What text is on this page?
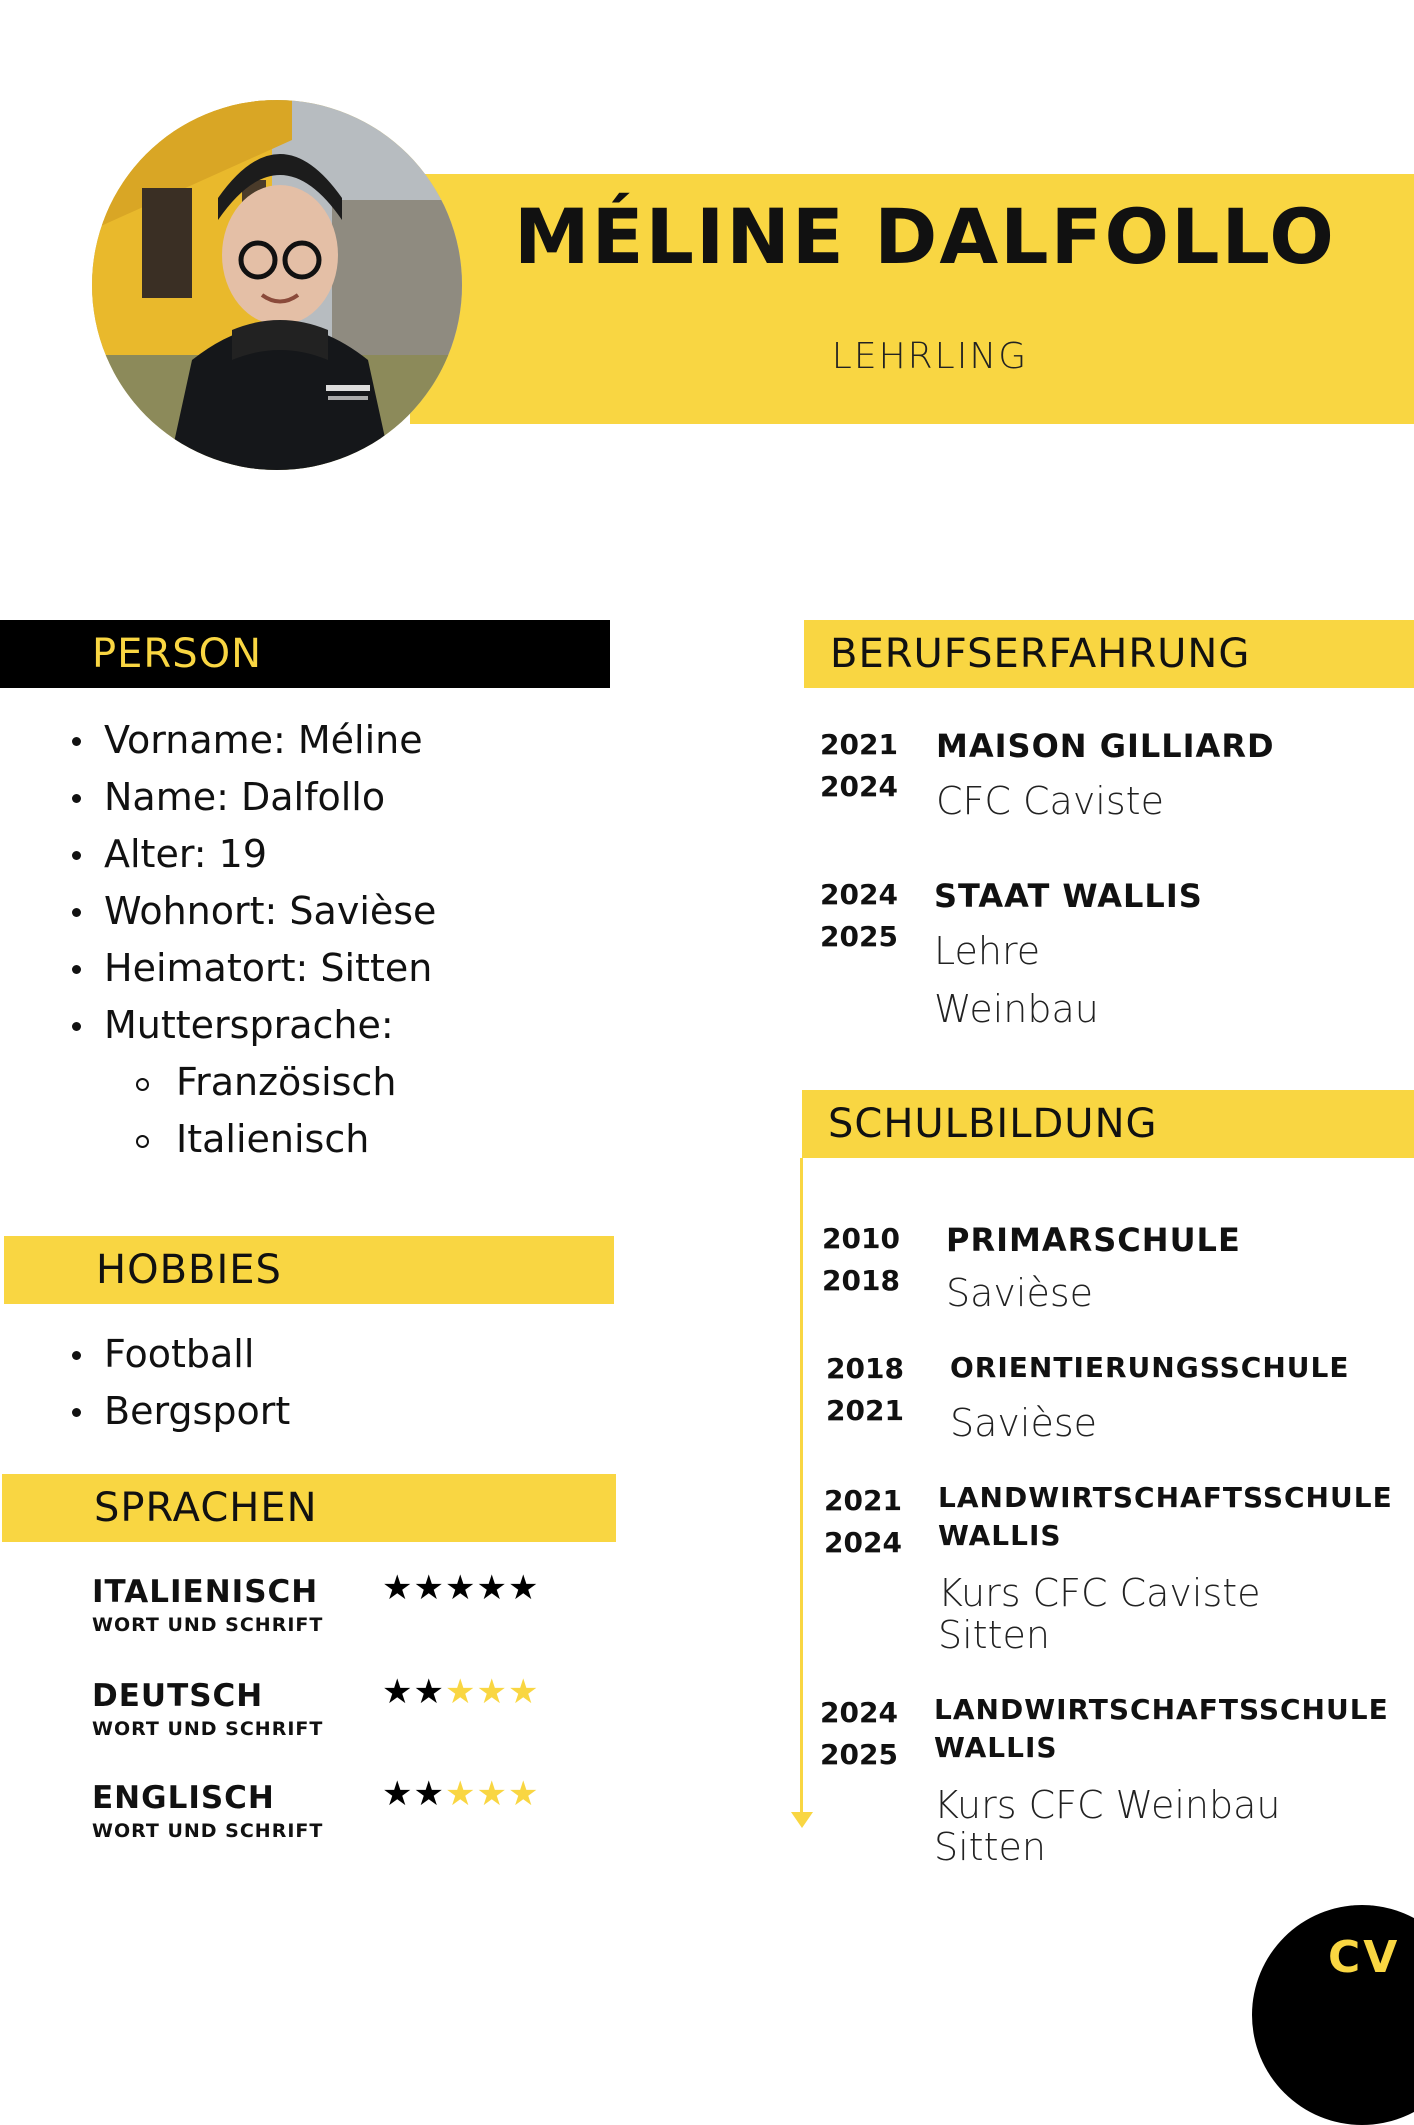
MÉLINE DALFOLLO
LEHRLING
PERSON
Vorname: Méline
Name: Dalfollo
Alter: 19
Wohnort: Savièse
Heimatort: Sitten
Muttersprache:
Französisch
Italienisch
HOBBIES
Football
Bergsport
SPRACHEN
ITALIENISCH
WORT UND SCHRIFT
★★★★★
DEUTSCH
WORT UND SCHRIFT
★★★★★
ENGLISCH
WORT UND SCHRIFT
★★★★★
BERUFSERFAHRUNG
2021
2024
MAISON GILLIARD
CFC Caviste
2024
2025
STAAT WALLIS
Lehre
Weinbau
SCHULBILDUNG
2010
2018
PRIMARSCHULE
Savièse
2018
2021
ORIENTIERUNGSSCHULE
Savièse
2021
2024
LANDWIRTSCHAFTSSCHULE
WALLIS
Kurs CFC Caviste
Sitten
2024
2025
LANDWIRTSCHAFTSSCHULE
WALLIS
Kurs CFC Weinbau
Sitten
CV
